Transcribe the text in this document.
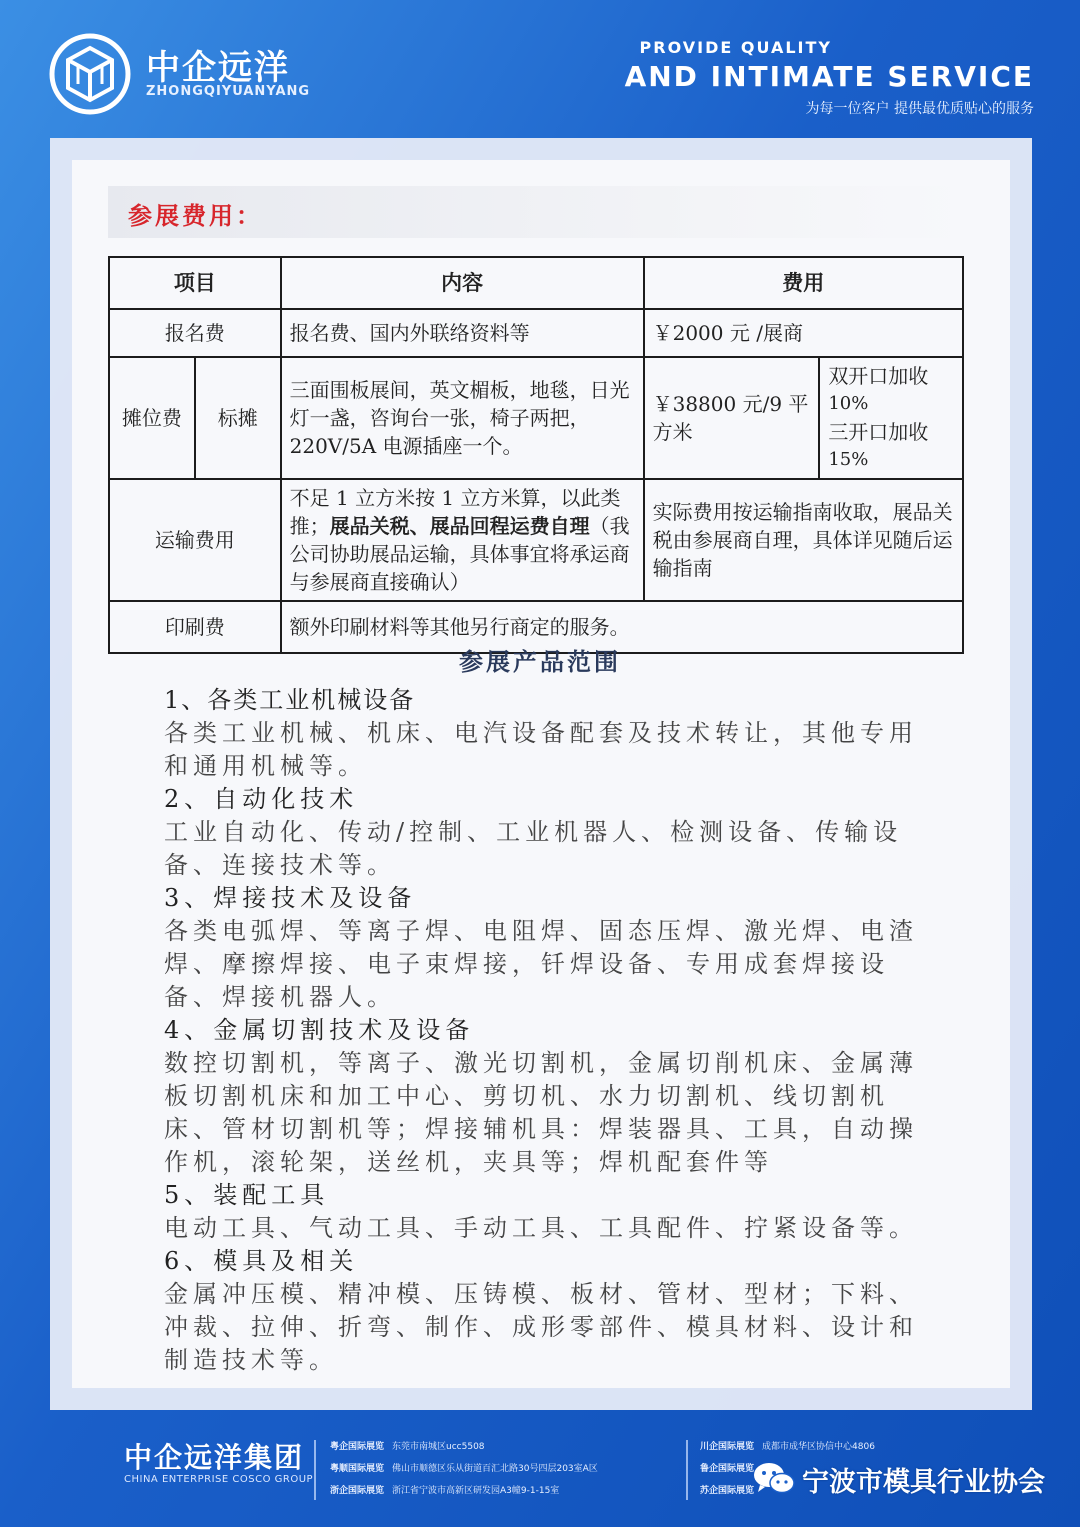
中企远洋
ZHONGQIYUANYANG
PROVIDE QUALITY
AND INTIMATE SERVICE
为每一位客户 提供最优质贴心的服务
参展费用：
项目		内容	费用	
报名费		报名费、国内外联络资料等	￥2000 元 /展商	
摊位费	标摊	三面围板展间，英文楣板，地毯，日光灯一盏，咨询台一张，椅子两把，220V/5A 电源插座一个。	￥38800 元/9 平方米	双开口加收
10%
三开口加收
15%

运输费用		不足 1 立方米按 1 立方米算，以此类推；展品关税、展品回程运费自理（我公司协助展品运输，具体事宜将承运商与参展商直接确认）	实际费用按运输指南收取，展品关税由参展商自理，具体详见随后运输指南	
印刷费		额外印刷材料等其他另行商定的服务。		
参展产品范围
1、各类工业机械设备
各类工业机械、机床、电汽设备配套及技术转让，其他专用和通用机械等。
2、自动化技术
工业自动化、传动/控制、工业机器人、检测设备、传输设备、连接技术等。
3、焊接技术及设备
各类电弧焊、等离子焊、电阻焊、固态压焊、激光焊、电渣焊、摩擦焊接、电子束焊接，钎焊设备、专用成套焊接设备、焊接机器人。
4、金属切割技术及设备
数控切割机，等离子、激光切割机，金属切削机床、金属薄板切割机床和加工中心、剪切机、水力切割机、线切割机床、管材切割机等；焊接辅机具：焊装器具、工具，自动操作机，滚轮架，送丝机，夹具等；焊机配套件等
5、装配工具
电动工具、气动工具、手动工具、工具配件、拧紧设备等。
6、模具及相关
金属冲压模、精冲模、压铸模、板材、管材、型材；下料、冲裁、拉伸、折弯、制作、成形零部件、模具材料、设计和制造技术等。
中企远洋集团
CHINA ENTERPRISE COSCO GROUP
粤企国际展览 东莞市南城区ucc5508
粤顺国际展览 佛山市顺德区乐从街道百汇北路30号四层203室A区
浙企国际展览 浙江省宁波市高新区研发园A3幢9-1-15室
川企国际展览 成都市成华区协信中心4806
鲁企国际展览
苏企国际展览	宁波市模具行业协会
